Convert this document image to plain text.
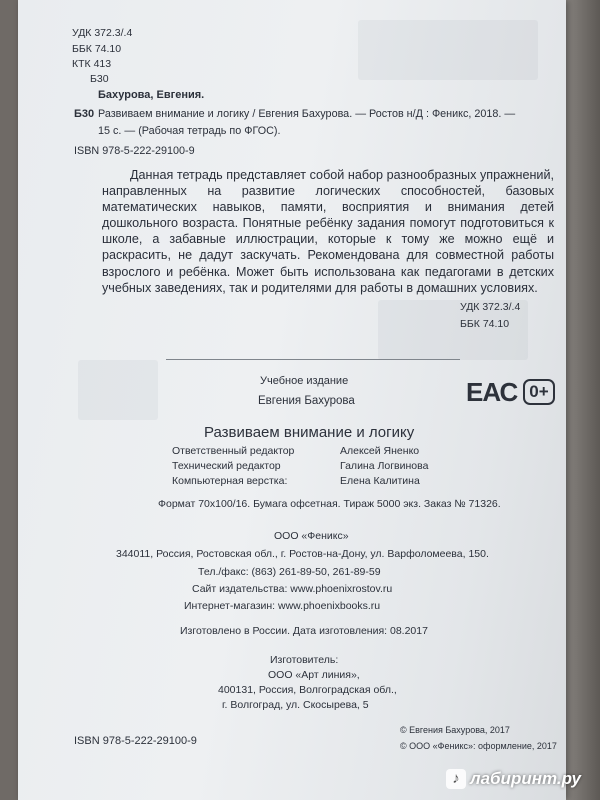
УДК 372.3/.4
ББК 74.10
КТК 413
Б30
Б30
Бахурова, Евгения.
Развиваем внимание и логику / Евгения Бахурова. — Ростов н/Д : Феникс, 2018. —
15 с. — (Рабочая тетрадь по ФГОС).
ISBN 978-5-222-29100-9
Данная тетрадь представляет собой набор разнообразных упражнений, направленных на развитие логических способностей, базовых математических навыков, памяти, восприятия и внимания детей дошкольного возраста. Понятные ребёнку задания помогут подготовиться к школе, а забавные иллюстрации, которые к тому же можно ещё и раскрасить, не дадут заскучать. Рекомендована для совместной работы взрослого и ребёнка. Может быть использована как педагогами в детских учебных заведениях, так и родителями для работы в домашних условиях.
УДК 372.3/.4
ББК 74.10
Учебное издание
Евгения Бахурова	ЕАС 0+
Развиваем внимание и логику
Ответственный редактор	Алексей Яненко
Технический редактор	Галина Логвинова
Компьютерная верстка:	Елена Калитина
Формат 70x100/16. Бумага офсетная. Тираж 5000 экз. Заказ № 71326.
ООО «Феникс»
344011, Россия, Ростовская обл., г. Ростов-на-Дону, ул. Варфоломеева, 150.
Тел./факс: (863) 261-89-50, 261-89-59
Сайт издательства: www.phoenixrostov.ru
Интернет-магазин: www.phoenixbooks.ru
Изготовлено в России. Дата изготовления: 08.2017
Изготовитель:
ООО «Арт линия»,
400131, Россия, Волгоградская обл.,
г. Волгоград, ул. Скосырева, 5
ISBN 978-5-222-29100-9
© Евгения Бахурова, 2017
© ООО «Феникс»: оформление, 2017
♪ лабиринт.ру
